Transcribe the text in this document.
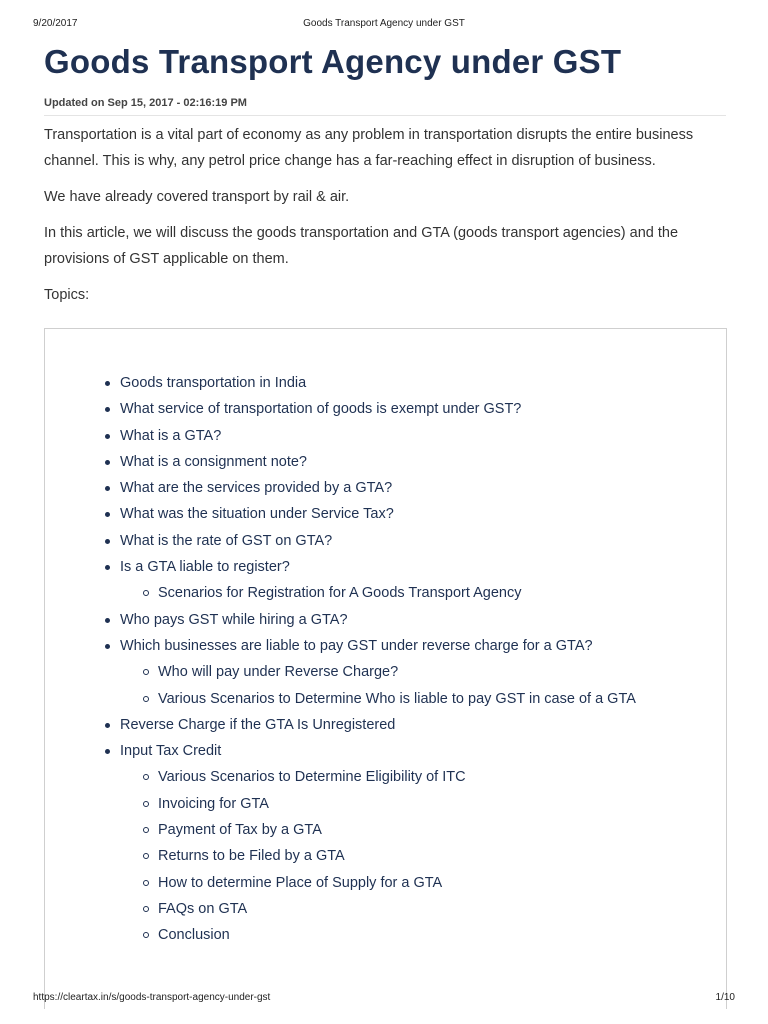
9/20/2017	Goods Transport Agency under GST
Goods Transport Agency under GST
Updated on Sep 15, 2017 - 02:16:19 PM

Transportation is a vital part of economy as any problem in transportation disrupts the entire business channel. This is why, any petrol price change has a far-reaching effect in disruption of business.

We have already covered transport by rail & air.

In this article, we will discuss the goods transportation and GTA (goods transport agencies) and the provisions of GST applicable on them.

Topics:

Goods transportation in India
What service of transportation of goods is exempt under GST?
What is a GTA?
What is a consignment note?
What are the services provided by a GTA?
What was the situation under Service Tax?
What is the rate of GST on GTA?
Is a GTA liable to register?
Scenarios for Registration for A Goods Transport Agency
Who pays GST while hiring a GTA?
Which businesses are liable to pay GST under reverse charge for a GTA?
Who will pay under Reverse Charge?
Various Scenarios to Determine Who is liable to pay GST in case of a GTA
Reverse Charge if the GTA Is Unregistered
Input Tax Credit
Various Scenarios to Determine Eligibility of ITC
Invoicing for GTA
Payment of Tax by a GTA
Returns to be Filed by a GTA
How to determine Place of Supply for a GTA
FAQs on GTA
Conclusion
https://cleartax.in/s/goods-transport-agency-under-gst	1/10
